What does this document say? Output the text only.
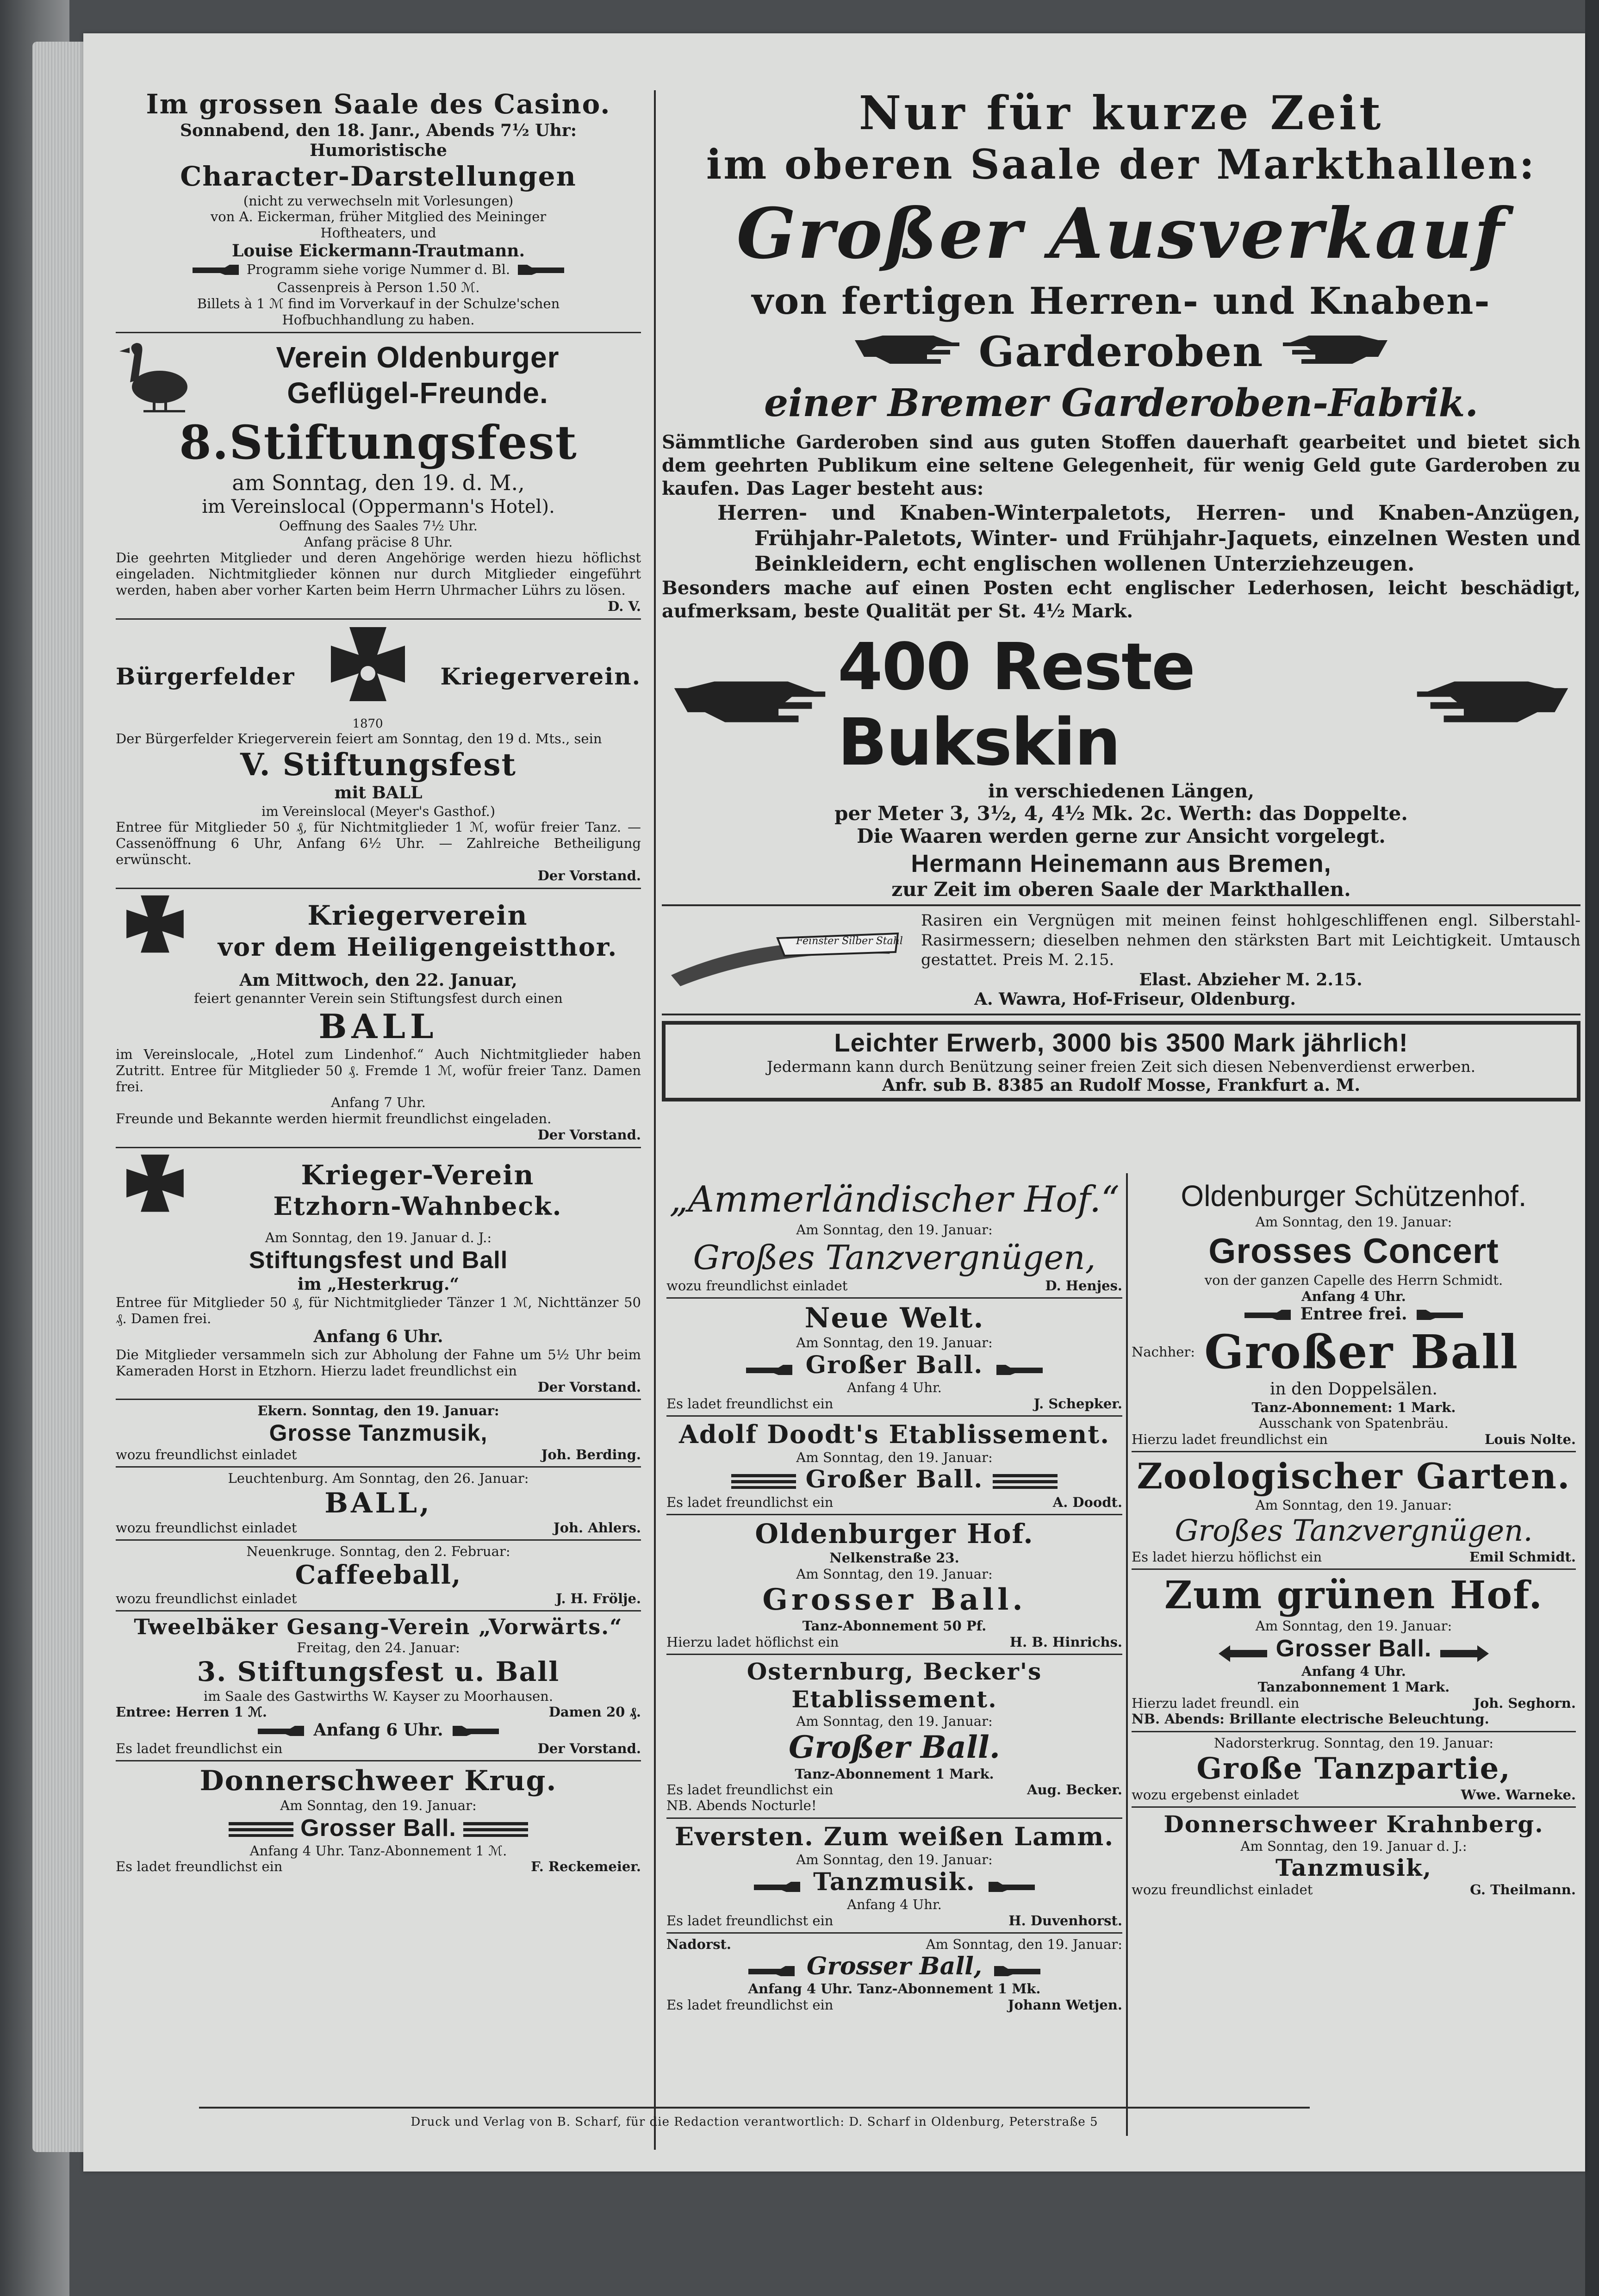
Im grossen Saale des Casino.

Sonnabend, den 18. Janr., Abends 7½ Uhr:

Humoristische

Character-Darstellungen

(nicht zu verwechseln mit Vorlesungen)

von A. Eickerman, früher Mitglied des Meininger

Hoftheaters, und

Louise Eickermann-Trautmann.

Programm siehe vorige Nummer d. Bl.

Cassenpreis à Person 1.50 ℳ.

Billets à 1 ℳ find im Vorverkauf in der Schulze'schen

Hofbuchhandlung zu haben.

Verein Oldenburger

Geflügel-Freunde.

8.Stiftungsfest

am Sonntag, den 19. d. M.,

im Vereinslocal (Oppermann's Hotel).

Oeffnung des Saales 7½ Uhr.

Anfang präcise 8 Uhr.

Die geehrten Mitglieder und deren Angehörige werden hiezu höflichst eingeladen. Nichtmitglieder können nur durch Mitglieder eingeführt werden, haben aber vorher Karten beim Herrn Uhrmacher Lührs zu lösen.

D. V.

Bürgerfelder
1870
Kriegerverein.

Der Bürgerfelder Kriegerverein feiert am Sonntag, den 19 d. Mts., sein

V. Stiftungsfest

mit BALL

im Vereinslocal (Meyer's Gasthof.)

Entree für Mitglieder 50 ₰, für Nichtmitglieder 1 ℳ, wofür freier Tanz. — Cassenöffnung 6 Uhr, Anfang 6½ Uhr. — Zahlreiche Betheiligung erwünscht.

Der Vorstand.

Kriegerverein

vor dem Heiligengeistthor.

Am Mittwoch, den 22. Januar,

feiert genannter Verein sein Stiftungsfest durch einen

BALL

im Vereinslocale, „Hotel zum Lindenhof.“ Auch Nichtmitglieder haben Zutritt. Entree für Mitglieder 50 ₰. Fremde 1 ℳ, wofür freier Tanz. Damen frei.

Anfang 7 Uhr.

Freunde und Bekannte werden hiermit freundlichst eingeladen.

Der Vorstand.

Krieger-Verein

Etzhorn-Wahnbeck.

Am Sonntag, den 19. Januar d. J.:

Stiftungsfest und Ball

im „Hesterkrug.“

Entree für Mitglieder 50 ₰, für Nichtmitglieder Tänzer 1 ℳ, Nichttänzer 50 ₰. Damen frei.

Anfang 6 Uhr.

Die Mitglieder versammeln sich zur Abholung der Fahne um 5½ Uhr beim Kameraden Horst in Etzhorn. Hierzu ladet freundlichst ein

Der Vorstand.

Ekern. Sonntag, den 19. Januar:

Grosse Tanzmusik,

wozu freundlichst einladet	Joh. Berding.

Leuchtenburg. Am Sonntag, den 26. Januar:

BALL,

wozu freundlichst einladet	Joh. Ahlers.

Neuenkruge. Sonntag, den 2. Februar:

Caffeeball,

wozu freundlichst einladet	J. H. Frölje.

Tweelbäker Gesang-Verein „Vorwärts.“

Freitag, den 24. Januar:

3. Stiftungsfest u. Ball

im Saale des Gastwirths W. Kayser zu Moorhausen.

Entree: Herren 1 ℳ.	Damen 20 ₰.

Anfang 6 Uhr.

Es ladet freundlichst ein	Der Vorstand.

Donnerschweer Krug.

Am Sonntag, den 19. Januar:

Grosser Ball.

Anfang 4 Uhr. Tanz-Abonnement 1 ℳ.

Es ladet freundlichst ein	F. Reckemeier.

Nur für kurze Zeit

im oberen Saale der Markthallen:

Großer Ausverkauf

von fertigen Herren- und Knaben-

Garderoben

einer Bremer Garderoben-Fabrik.

Sämmtliche Garderoben sind aus guten Stoffen dauerhaft gearbeitet und bietet sich dem geehrten Publikum eine seltene Gelegenheit, für wenig Geld gute Garderoben zu kaufen. Das Lager besteht aus:

Herren- und Knaben-Winterpaletots, Herren- und Knaben-Anzügen, Frühjahr-Paletots, Winter- und Frühjahr-Jaquets, einzelnen Westen und Beinkleidern, echt englischen wollenen Unterziehzeugen.

Besonders mache auf einen Posten echt englischer Lederhosen, leicht beschädigt, aufmerksam, beste Qualität per St. 4½ Mark.

400 Reste Bukskin

in verschiedenen Längen,

per Meter 3, 3½, 4, 4½ Mk. 2c. Werth: das Doppelte.

Die Waaren werden gerne zur Ansicht vorgelegt.

Hermann Heinemann aus Bremen,

zur Zeit im oberen Saale der Markthallen.

Feinster Silber Stahl

Rasiren ein Vergnügen mit meinen feinst hohlgeschliffenen engl. Silberstahl-Rasirmessern; dieselben nehmen den stärksten Bart mit Leichtigkeit. Umtausch gestattet. Preis M. 2.15.

Elast. Abzieher M. 2.15.

A. Wawra, Hof-Friseur, Oldenburg.

Leichter Erwerb, 3000 bis 3500 Mark jährlich!

Jedermann kann durch Benützung seiner freien Zeit sich diesen Nebenverdienst erwerben.

Anfr. sub B. 8385 an Rudolf Mosse, Frankfurt a. M.

„Ammerländischer Hof.“

Am Sonntag, den 19. Januar:

Großes Tanzvergnügen,

wozu freundlichst einladet	D. Henjes.

Neue Welt.

Am Sonntag, den 19. Januar:

Großer Ball.

Anfang 4 Uhr.

Es ladet freundlichst ein	J. Schepker.

Adolf Doodt's Etablissement.

Am Sonntag, den 19. Januar:

Großer Ball.

Es ladet freundlichst ein	A. Doodt.

Oldenburger Hof.

Nelkenstraße 23.

Am Sonntag, den 19. Januar:

Grosser Ball.

Tanz-Abonnement 50 Pf.

Hierzu ladet höflichst ein	H. B. Hinrichs.

Osternburg, Becker's Etablissement.

Am Sonntag, den 19. Januar:

Großer Ball.

Tanz-Abonnement 1 Mark.

Es ladet freundlichst ein	Aug. Becker.

NB. Abends Nocturle!

Eversten. Zum weißen Lamm.

Am Sonntag, den 19. Januar:

Tanzmusik.

Anfang 4 Uhr.

Es ladet freundlichst ein	H. Duvenhorst.
Nadorst.	Am Sonntag, den 19. Januar:

Grosser Ball,

Anfang 4 Uhr. Tanz-Abonnement 1 Mk.

Es ladet freundlichst ein	Johann Wetjen.

Oldenburger Schützenhof.

Am Sonntag, den 19. Januar:

Grosses Concert

von der ganzen Capelle des Herrn Schmidt.

Anfang 4 Uhr.

Entree frei.

Nachher: Großer Ball

in den Doppelsälen.

Tanz-Abonnement: 1 Mark.

Ausschank von Spatenbräu.

Hierzu ladet freundlichst ein	Louis Nolte.

Zoologischer Garten.

Am Sonntag, den 19. Januar:

Großes Tanzvergnügen.

Es ladet hierzu höflichst ein	Emil Schmidt.

Zum grünen Hof.

Am Sonntag, den 19. Januar:

Grosser Ball.

Anfang 4 Uhr.

Tanzabonnement 1 Mark.

Hierzu ladet freundl. ein	Joh. Seghorn.

NB. Abends: Brillante electrische Beleuchtung.

Nadorsterkrug. Sonntag, den 19. Januar:

Große Tanzpartie,

wozu ergebenst einladet	Wwe. Warneke.

Donnerschweer Krahnberg.

Am Sonntag, den 19. Januar d. J.:

Tanzmusik,

wozu freundlichst einladet	G. Theilmann.
Druck und Verlag von B. Scharf, für die Redaction verantwortlich: D. Scharf in Oldenburg, Peterstraße 5
